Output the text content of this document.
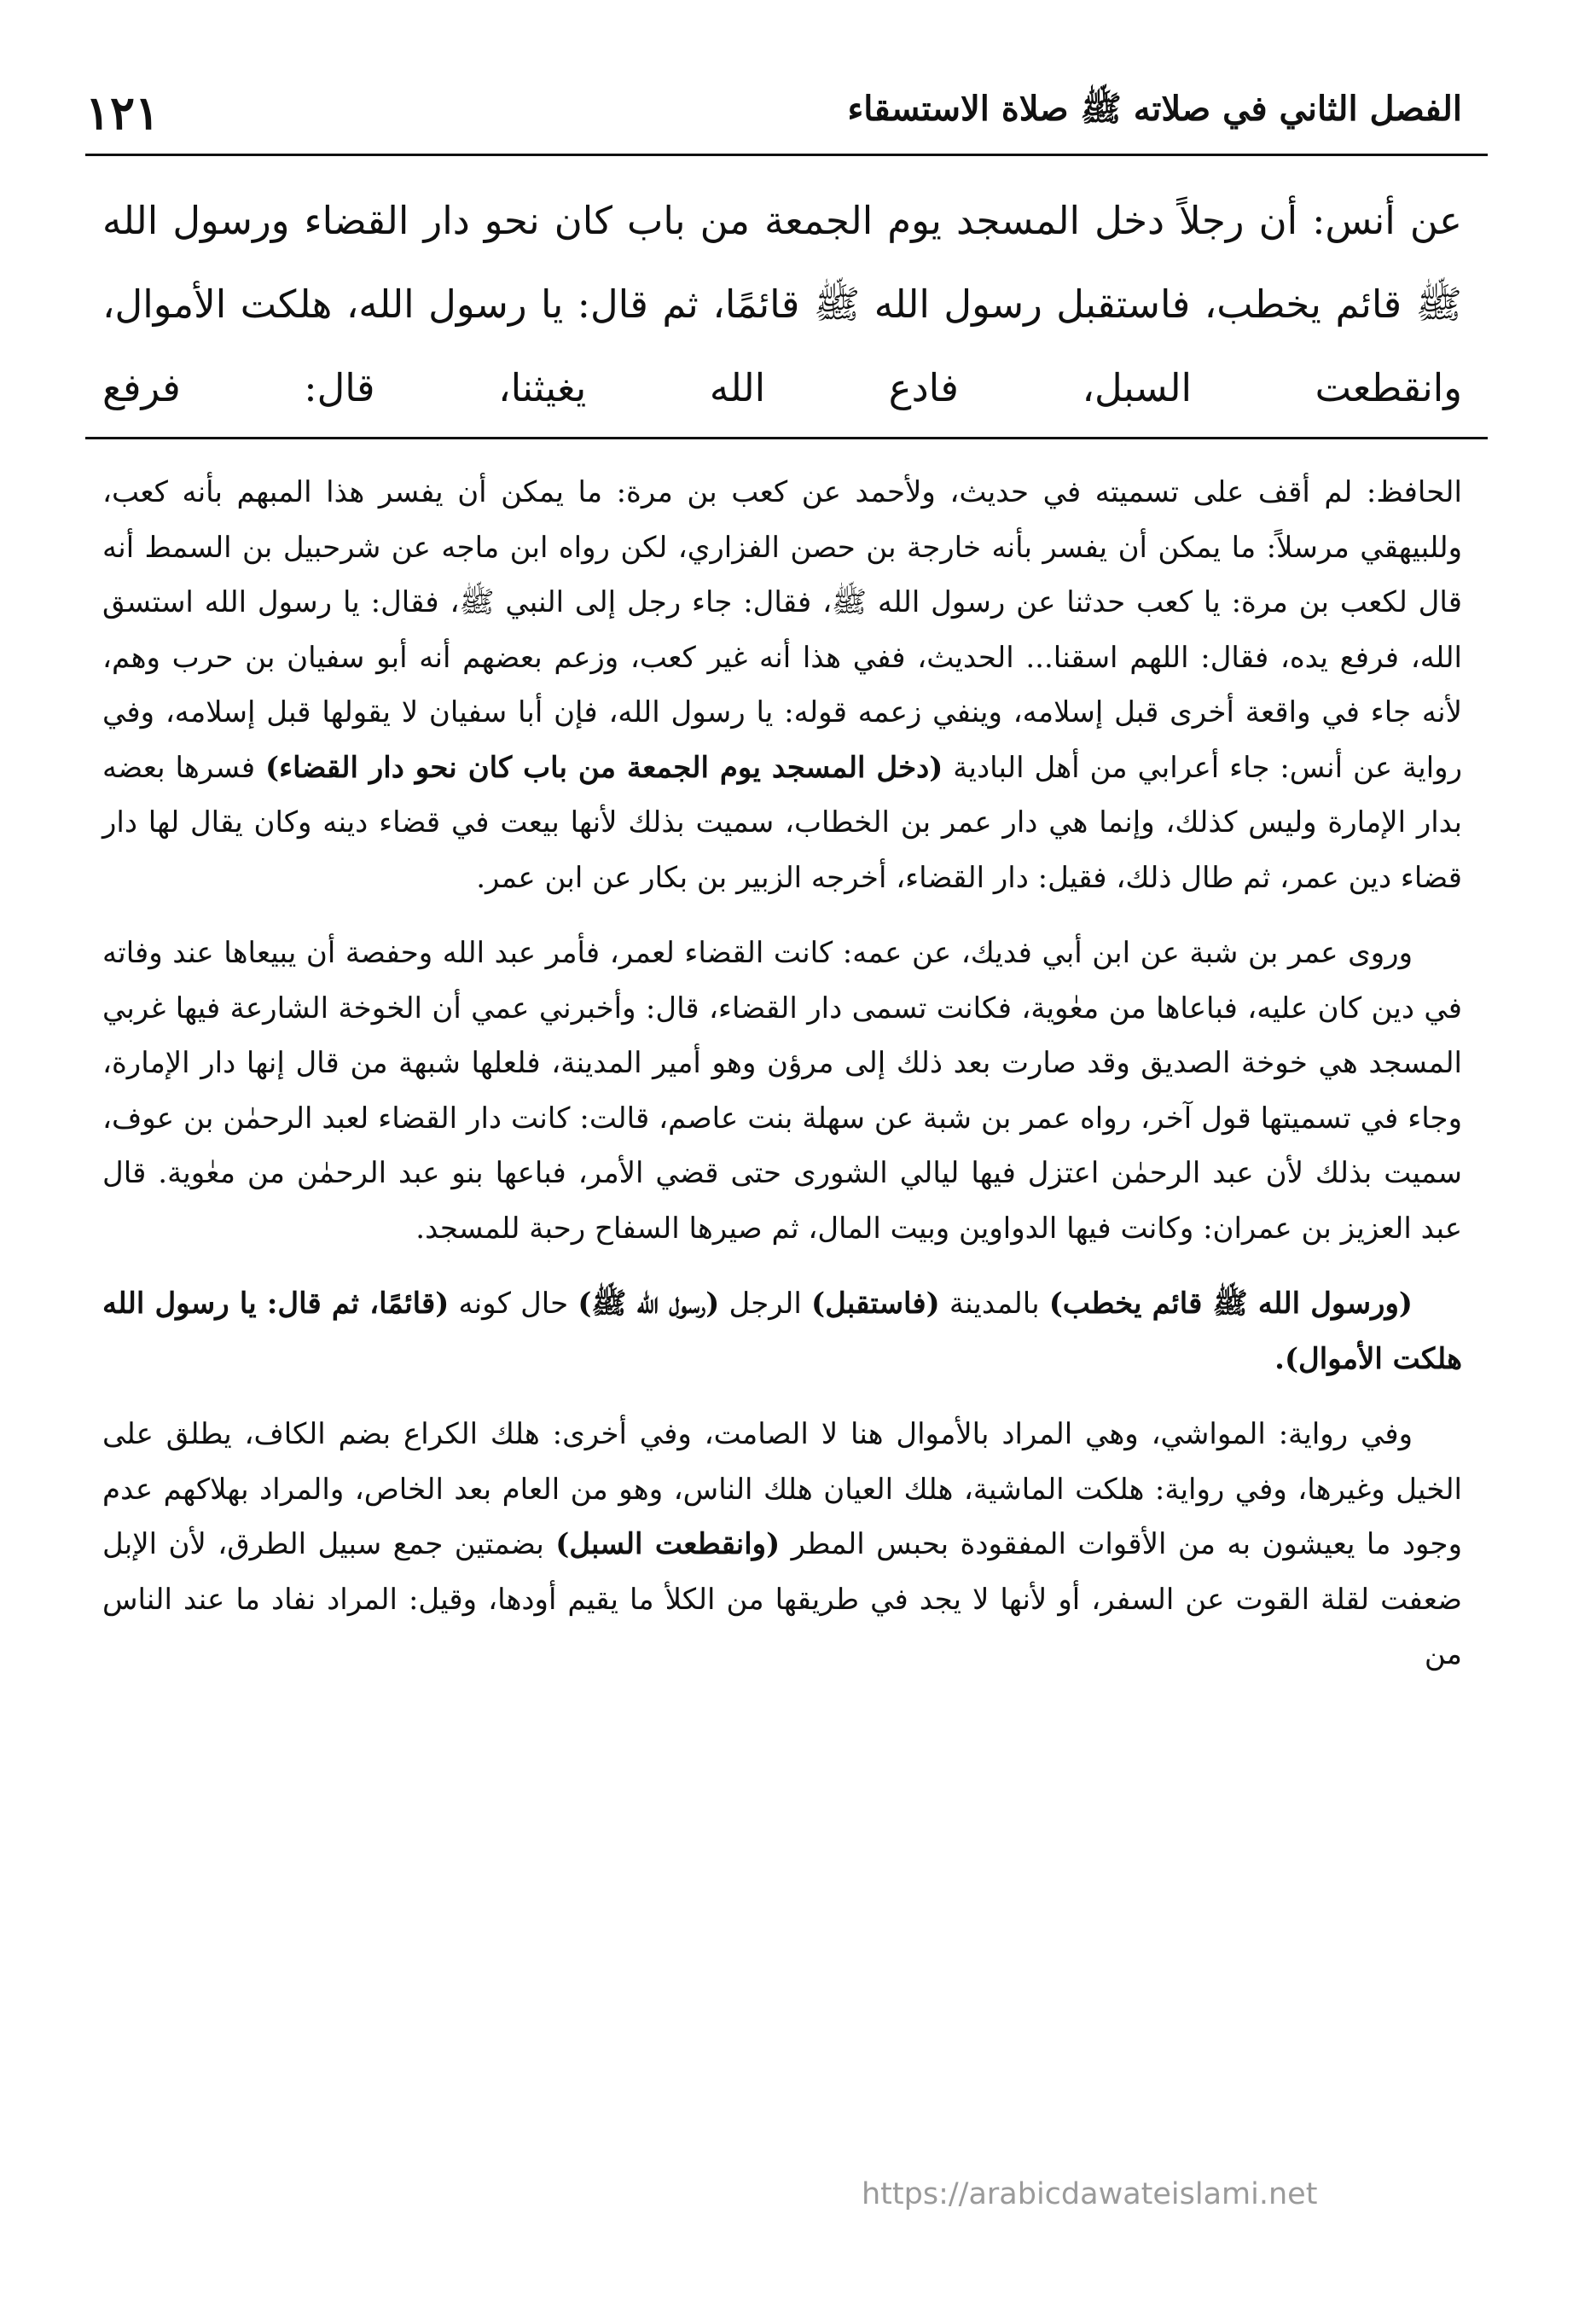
الفصل الثاني في صلاته ﷺ صلاة الاستسقاء
١٢١
عن أنس: أن رجلاً دخل المسجد يوم الجمعة من باب كان نحو دار القضاء ورسول الله ﷺ قائم يخطب، فاستقبل رسول الله ﷺ قائمًا، ثم قال: يا رسول الله، هلكت الأموال، وانقطعت السبل، فادع الله يغيثنا، قال: فرفع

الحافظ: لم أقف على تسميته في حديث، ولأحمد عن كعب بن مرة: ما يمكن أن يفسر هذا المبهم بأنه كعب، وللبيهقي مرسلاً: ما يمكن أن يفسر بأنه خارجة بن حصن الفزاري، لكن رواه ابن ماجه عن شرحبيل بن السمط أنه قال لكعب بن مرة: يا كعب حدثنا عن رسول الله ﷺ، فقال: جاء رجل إلى النبي ﷺ، فقال: يا رسول الله استسق الله، فرفع يده، فقال: اللهم اسقنا... الحديث، ففي هذا أنه غير كعب، وزعم بعضهم أنه أبو سفيان بن حرب وهم، لأنه جاء في واقعة أخرى قبل إسلامه، وينفي زعمه قوله: يا رسول الله، فإن أبا سفيان لا يقولها قبل إسلامه، وفي رواية عن أنس: جاء أعرابي من أهل البادية (دخل المسجد يوم الجمعة من باب كان نحو دار القضاء) فسرها بعضه بدار الإمارة وليس كذلك، وإنما هي دار عمر بن الخطاب، سميت بذلك لأنها بيعت في قضاء دينه وكان يقال لها دار قضاء دين عمر، ثم طال ذلك، فقيل: دار القضاء، أخرجه الزبير بن بكار عن ابن عمر.

وروى عمر بن شبة عن ابن أبي فديك، عن عمه: كانت القضاء لعمر، فأمر عبد الله وحفصة أن يبيعاها عند وفاته في دين كان عليه، فباعاها من معٰوية، فكانت تسمى دار القضاء، قال: وأخبرني عمي أن الخوخة الشارعة فيها غربي المسجد هي خوخة الصديق وقد صارت بعد ذلك إلى مرؤن وهو أمير المدينة، فلعلها شبهة من قال إنها دار الإمارة، وجاء في تسميتها قول آخر، رواه عمر بن شبة عن سهلة بنت عاصم، قالت: كانت دار القضاء لعبد الرحمٰن بن عوف، سميت بذلك لأن عبد الرحمٰن اعتزل فيها ليالي الشورى حتى قضي الأمر، فباعها بنو عبد الرحمٰن من معٰوية. قال عبد العزيز بن عمران: وكانت فيها الدواوين وبيت المال، ثم صيرها السفاح رحبة للمسجد.

(ورسول الله ﷺ قائم يخطب) بالمدينة (فاستقبل) الرجل (رسول الله ﷺ) حال كونه (قائمًا، ثم قال: يا رسول الله هلكت الأموال).

وفي رواية: المواشي، وهي المراد بالأموال هنا لا الصامت، وفي أخرى: هلك الكراع بضم الكاف، يطلق على الخيل وغيرها، وفي رواية: هلكت الماشية، هلك العيان هلك الناس، وهو من العام بعد الخاص، والمراد بهلاكهم عدم وجود ما يعيشون به من الأقوات المفقودة بحبس المطر (وانقطعت السبل) بضمتين جمع سبيل الطرق، لأن الإبل ضعفت لقلة القوت عن السفر، أو لأنها لا يجد في طريقها من الكلأ ما يقيم أودها، وقيل: المراد نفاد ما عند الناس من

https://arabicdawateislami.net
